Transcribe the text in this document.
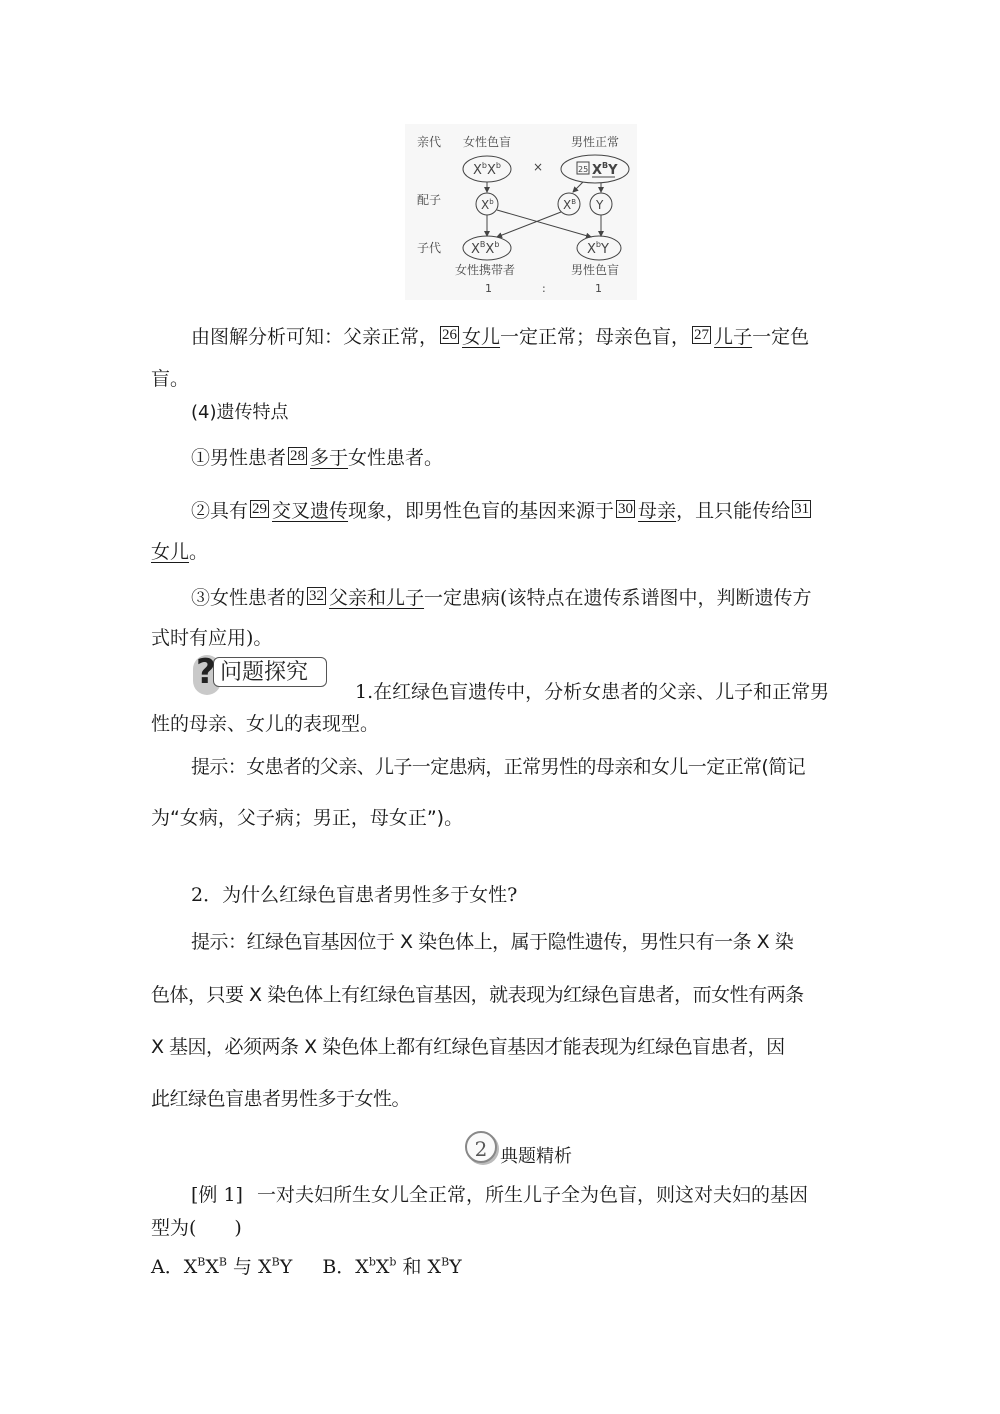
亲代
配子
子代
女性色盲
$X^bX^b$	×
男性正常
25 $X^BY$
$X^b$	$X^B$ Y
$X^BX^b$	$X^bY$
女性携带者	男性色盲
1	:	1
由图解分析可知：父亲正常， 26 女儿一定正常；母亲色盲， 27 儿子一定色
盲。
(4)遗传特点
①男性患者 28 多于女性患者。
②具有 29 交叉遗传现象，即男性色盲的基因来源于 30 母亲，且只能传给 31
女儿。
③女性患者的 32 父亲和儿子一定患病(该特点在遗传系谱图中，判断遗传方
式时有应用)。
问题探究
?	1.在红绿色盲遗传中，分析女患者的父亲、儿子和正常男
性的母亲、女儿的表现型。
提示：女患者的父亲、儿子一定患病，正常男性的母亲和女儿一定正常(简记
为“女病，父子病；男正，母女正”)。
2．为什么红绿色盲患者男性多于女性?
提示：红绿色盲基因位于 X 染色体上，属于隐性遗传，男性只有一条 X 染
色体，只要 X 染色体上有红绿色盲基因，就表现为红绿色盲患者，而女性有两条
X 基因，必须两条 X 染色体上都有红绿色盲基因才能表现为红绿色盲患者，因
此红绿色盲患者男性多于女性。
2 典题精析
[例 1] 一对夫妇所生女儿全正常，所生儿子全为色盲，则这对夫妇的基因
型为(　　)
A．$X^BX^B$ 与 $X^BY$ B．$X^bX^b$ 和 $X^BY$
